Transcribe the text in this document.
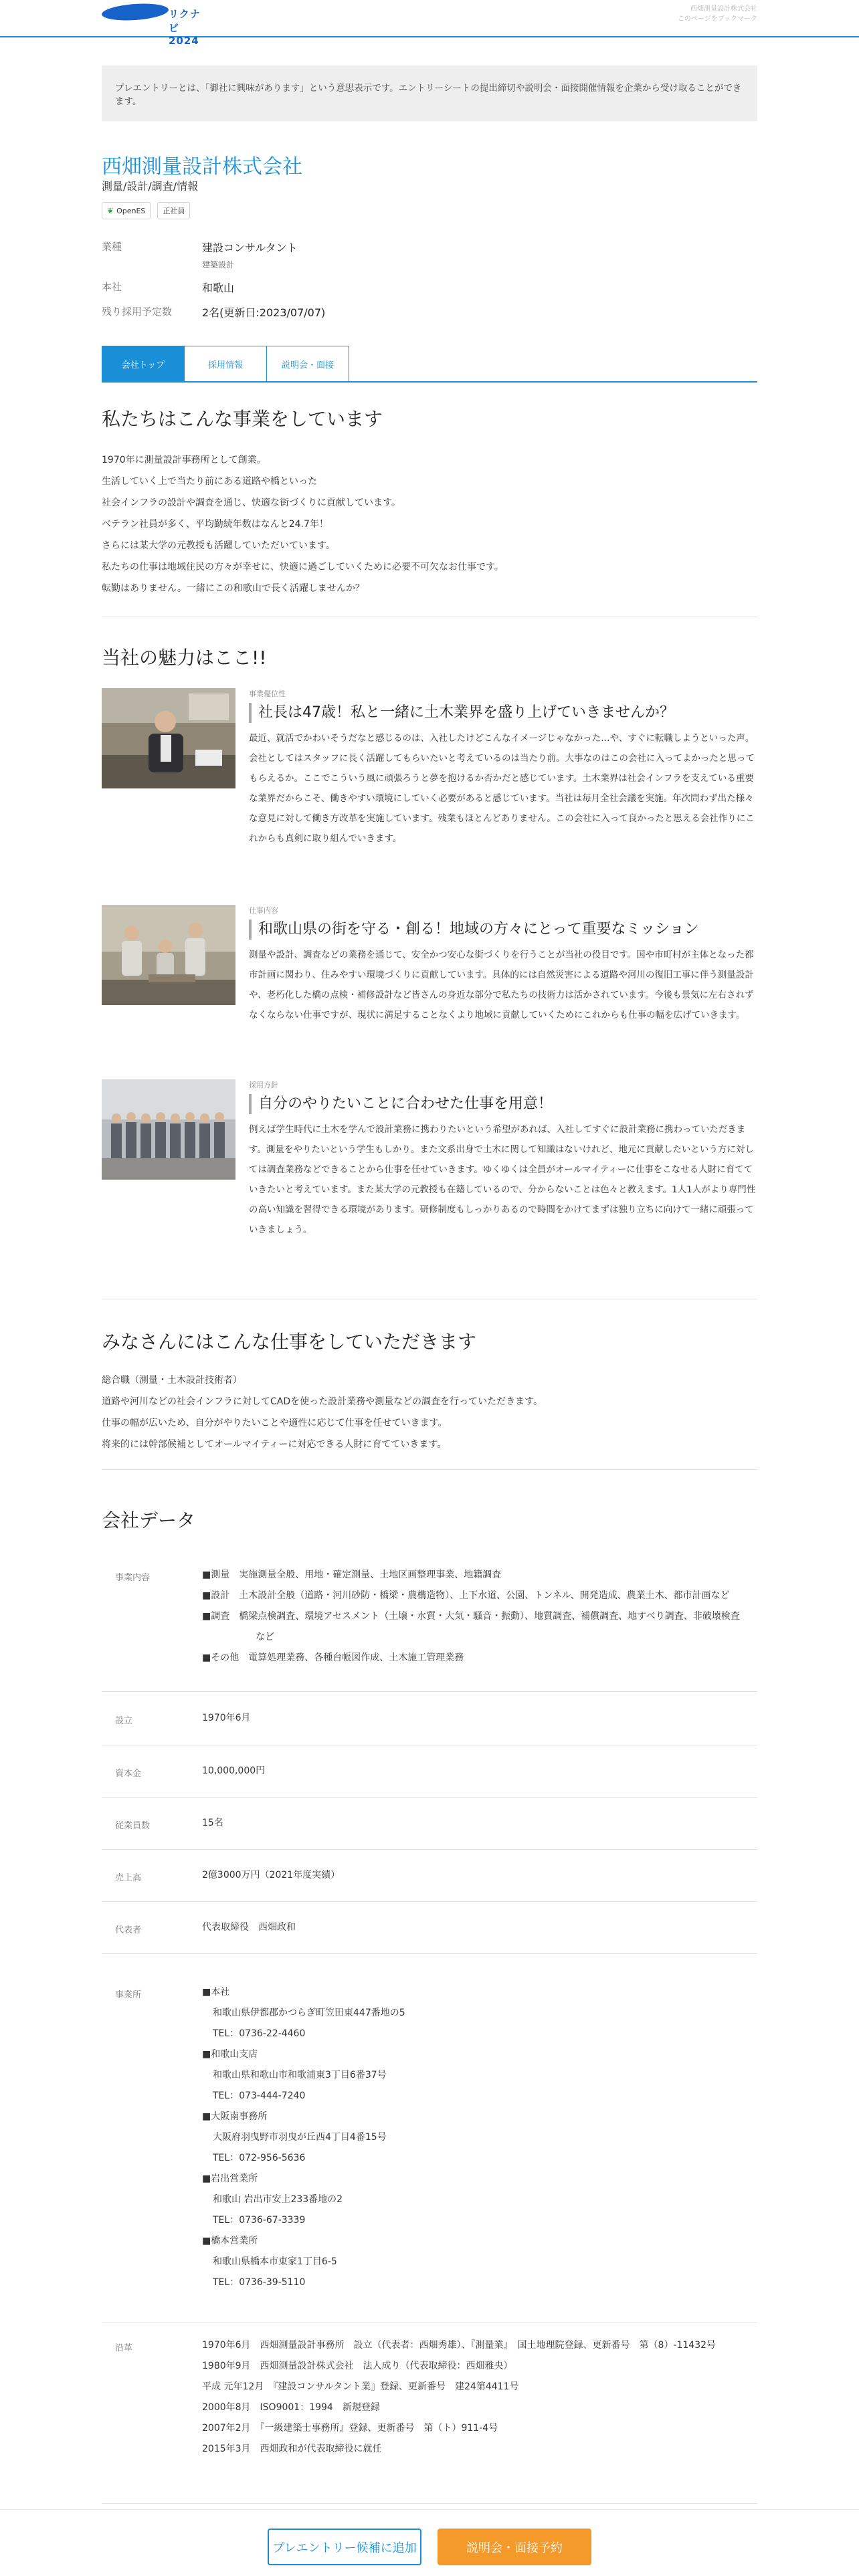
リクナビ 2024
西畑測量設計株式会社
このページをブックマーク
プレエントリーとは、「御社に興味があります」という意思表示です。エントリーシートの提出締切や説明会・面接開催情報を企業から受け取ることができます。
西畑測量設計株式会社
測量/設計/調査/情報
❦ OpenES 正社員
業種	建設コンサルタント
建築設計
本社	和歌山
残り採用予定数	2名(更新日:2023/07/07)
会社トップ	採用情報	説明会・面接
私たちはこんな事業をしています
1970年に測量設計事務所として創業。
生活していく上で当たり前にある道路や橋といった
社会インフラの設計や調査を通じ、快適な街づくりに貢献しています。
ベテラン社員が多く、平均勤続年数はなんと24.7年！
さらには某大学の元教授も活躍していただいています。
私たちの仕事は地域住民の方々が幸せに、快適に過ごしていくために必要不可欠なお仕事です。
転勤はありません。一緒にこの和歌山で長く活躍しませんか？
当社の魅力はここ!!
事業優位性
社長は47歳！私と一緒に土木業界を盛り上げていきませんか？
最近、就活でかわいそうだなと感じるのは、入社したけどこんなイメージじゃなかった…や、すぐに転職しようといった声。会社としてはスタッフに長く活躍してもらいたいと考えているのは当たり前。大事なのはこの会社に入ってよかったと思ってもらえるか。ここでこういう風に頑張ろうと夢を抱けるか否かだと感じています。土木業界は社会インフラを支えている重要な業界だからこそ、働きやすい環境にしていく必要があると感じています。当社は毎月全社会議を実施。年次問わず出た様々な意見に対して働き方改革を実施しています。残業もほとんどありません。この会社に入って良かったと思える会社作りにこれからも真剣に取り組んでいきます。
仕事内容
和歌山県の街を守る・創る！地域の方々にとって重要なミッション
測量や設計、調査などの業務を通じて、安全かつ安心な街づくりを行うことが当社の役目です。国や市町村が主体となった都市計画に関わり、住みやすい環境づくりに貢献しています。具体的には自然災害による道路や河川の復旧工事に伴う測量設計や、老朽化した橋の点検・補修設計など皆さんの身近な部分で私たちの技術力は活かされています。今後も景気に左右されずなくならない仕事ですが、現状に満足することなくより地域に貢献していくためにこれからも仕事の幅を広げていきます。
採用方針
自分のやりたいことに合わせた仕事を用意！
例えば学生時代に土木を学んで設計業務に携わりたいという希望があれば、入社してすぐに設計業務に携わっていただきます。測量をやりたいという学生もしかり。また文系出身で土木に関して知識はないけれど、地元に貢献したいという方に対しては調査業務などできることから仕事を任せていきます。ゆくゆくは全員がオールマイティーに仕事をこなせる人財に育てていきたいと考えています。また某大学の元教授も在籍しているので、分からないことは色々と教えます。1人1人がより専門性の高い知識を習得できる環境があります。研修制度もしっかりあるので時間をかけてまずは独り立ちに向けて一緒に頑張っていきましょう。
みなさんにはこんな仕事をしていただきます
総合職（測量・土木設計技術者）
道路や河川などの社会インフラに対してCADを使った設計業務や測量などの調査を行っていただきます。
仕事の幅が広いため、自分がやりたいことや適性に応じて仕事を任せていきます。
将来的には幹部候補としてオールマイティーに対応できる人財に育てていきます。
会社データ
事業内容	■測量　実施測量全般、用地・確定測量、土地区画整理事業、地籍調査
■設計　土木設計全般（道路・河川砂防・橋梁・農構造物）、上下水道、公園、トンネル、開発造成、農業土木、都市計画など
■調査　橋梁点検調査、環境アセスメント（土壌・水質・大気・騒音・振動）、地質調査、補償調査、地すべり調査、非破壊検査など
■その他　電算処理業務、各種台帳図作成、土木施工管理業務
設立	1970年6月
資本金	10,000,000円
従業員数	15名
売上高	2億3000万円（2021年度実績）
代表者	代表取締役　西畑政和
事業所	■本社
和歌山県伊都郡かつらぎ町笠田東447番地の5
TEL：0736-22-4460
■和歌山支店
和歌山県和歌山市和歌浦東3丁目6番37号
TEL：073-444-7240
■大阪南事務所
大阪府羽曳野市羽曳が丘西4丁目4番15号
TEL：072-956-5636
■岩出営業所
和歌山 岩出市安上233番地の2
TEL：0736-67-3339
■橋本営業所
和歌山県橋本市東家1丁目6-5
TEL：0736-39-5110
沿革	1970年6月　西畑測量設計事務所　設立（代表者：西畑秀雄）、『測量業』　国土地理院登録、更新番号　第（8）-11432号
1980年9月　西畑測量設計株式会社　法人成り（代表取締役：西畑雅央）
平成 元年12月　『建設コンサルタント業』登録、更新番号　建24第4411号
2000年8月　ISO9001：1994　新規登録
2007年2月　『一級建築士事務所』登録、更新番号　第（ト）911-4号
2015年3月　西畑政和が代表取締役に就任
プレエントリー候補に追加	説明会・面接予約
